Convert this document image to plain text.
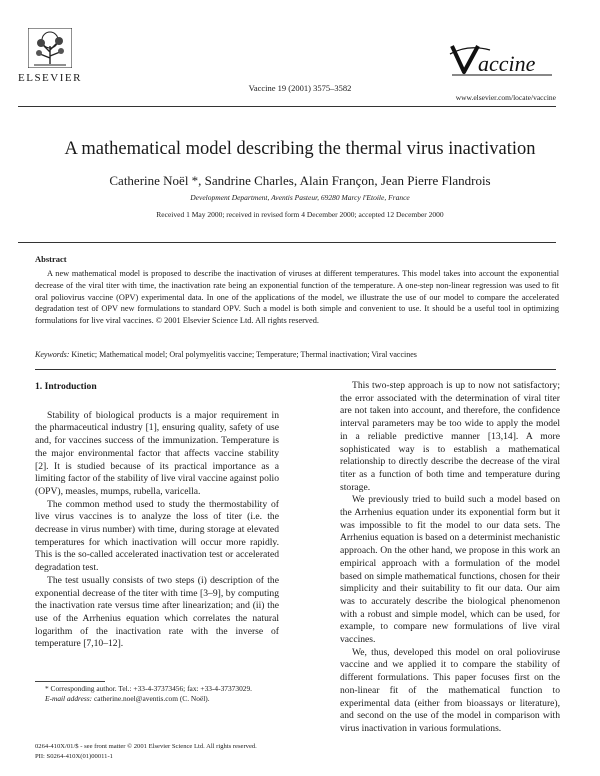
ELSEVIER
Vaccine 19 (2001) 3575–3582
accine
www.elsevier.com/locate/vaccine
A mathematical model describing the thermal virus inactivation
Catherine Noël *, Sandrine Charles, Alain Françon, Jean Pierre Flandrois
Development Department, Aventis Pasteur, 69280 Marcy l'Etoile, France
Received 1 May 2000; received in revised form 4 December 2000; accepted 12 December 2000
Abstract
A new mathematical model is proposed to describe the inactivation of viruses at different temperatures. This model takes into account the exponential decrease of the viral titer with time, the inactivation rate being an exponential function of the temperature. A one-step non-linear regression was used to fit oral poliovirus vaccine (OPV) experimental data. In one of the applications of the model, we illustrate the use of our model to compare the accelerated degradation test of OPV new formulations to standard OPV. Such a model is both simple and convenient to use. It should be a useful tool in optimizing formulations for live viral vaccines. © 2001 Elsevier Science Ltd. All rights reserved.
Keywords: Kinetic; Mathematical model; Oral polymyelitis vaccine; Temperature; Thermal inactivation; Viral vaccines

1. Introduction

Stability of biological products is a major requirement in the pharmaceutical industry [1], ensuring quality, safety of use and, for vaccines success of the immunization. Temperature is the major environmental factor that affects vaccine stability [2]. It is studied because of its practical importance as a limiting factor of the stability of live viral vaccine against polio (OPV), measles, mumps, rubella, varicella.

The common method used to study the thermostability of live virus vaccines is to analyze the loss of titer (i.e. the decrease in virus number) with time, during storage at elevated temperatures for which inactivation will occur more rapidly. This is the so-called accelerated inactivation test or accelerated degradation test.

The test usually consists of two steps (i) description of the exponential decrease of the titer with time [3–9], by computing the inactivation rate versus time after linearization; and (ii) the use of the Arrhenius equation which correlates the natural logarithm of the inactivation rate with the inverse of temperature [7,10–12].

* Corresponding author. Tel.: +33-4-37373456; fax: +33-4-37373029.
E-mail address: catherine.noel@aventis.com (C. Noël).

This two-step approach is up to now not satisfactory; the error associated with the determination of viral titer are not taken into account, and therefore, the confidence interval parameters may be too wide to apply the model in a reliable predictive manner [13,14]. A more sophisticated way is to establish a mathematical relationship to directly describe the decrease of the viral titer as a function of both time and temperature during storage.

We previously tried to build such a model based on the Arrhenius equation under its exponential form but it was impossible to fit the model to our data sets. The Arrhenius equation is based on a determinist mechanistic approach. On the other hand, we propose in this work an empirical approach with a formulation of the model based on simple mathematical functions, chosen for their simplicity and their suitability to fit our data. Our aim was to accurately describe the biological phenomenon with a robust and simple model, which can be used, for example, to compare new formulations of live viral vaccines.

We, thus, developed this model on oral polioviruse vaccine and we applied it to compare the stability of different formulations. This paper focuses first on the non-linear fit of the mathematical function to experimental data (either from bioassays or literature), and second on the use of the model in comparison with virus inactivation in various formulations.

0264-410X/01/$ - see front matter © 2001 Elsevier Science Ltd. All rights reserved.
PII: S0264-410X(01)00011-1
